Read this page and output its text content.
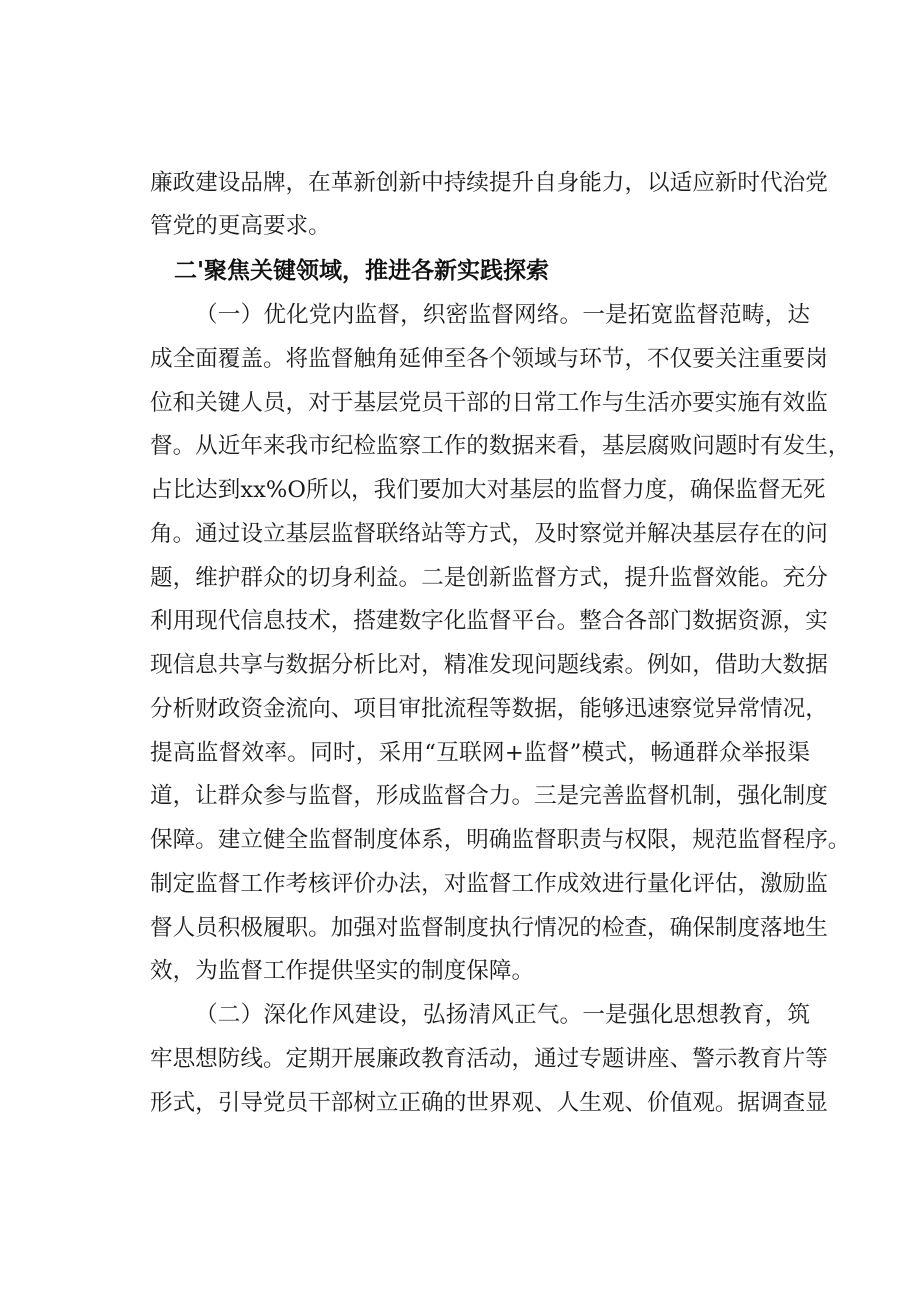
廉政建设品牌，在革新创新中持续提升自身能力，以适应新时代治党
管党的更高要求。
二'聚焦关键领域，推进各新实践探索
（一）优化党内监督，织密监督网络。一是拓宽监督范畴，达
成全面覆盖。将监督触角延伸至各个领域与环节，不仅要关注重要岗
位和关键人员，对于基层党员干部的日常工作与生活亦要实施有效监
督。从近年来我市纪检监察工作的数据来看，基层腐败问题时有发生，
占比达到xx%O所以，我们要加大对基层的监督力度，确保监督无死
角。通过设立基层监督联络站等方式，及时察觉并解决基层存在的问
题，维护群众的切身利益。二是创新监督方式，提升监督效能。充分
利用现代信息技术，搭建数字化监督平台。整合各部门数据资源，实
现信息共享与数据分析比对，精准发现问题线索。例如，借助大数据
分析财政资金流向、项目审批流程等数据，能够迅速察觉异常情况，
提高监督效率。同时，采用“互联网+监督”模式，畅通群众举报渠
道，让群众参与监督，形成监督合力。三是完善监督机制，强化制度
保障。建立健全监督制度体系，明确监督职责与权限，规范监督程序。
制定监督工作考核评价办法，对监督工作成效进行量化评估，激励监
督人员积极履职。加强对监督制度执行情况的检查，确保制度落地生
效，为监督工作提供坚实的制度保障。
（二）深化作风建设，弘扬清风正气。一是强化思想教育，筑
牢思想防线。定期开展廉政教育活动，通过专题讲座、警示教育片等
形式，引导党员干部树立正确的世界观、人生观、价值观。据调查显
